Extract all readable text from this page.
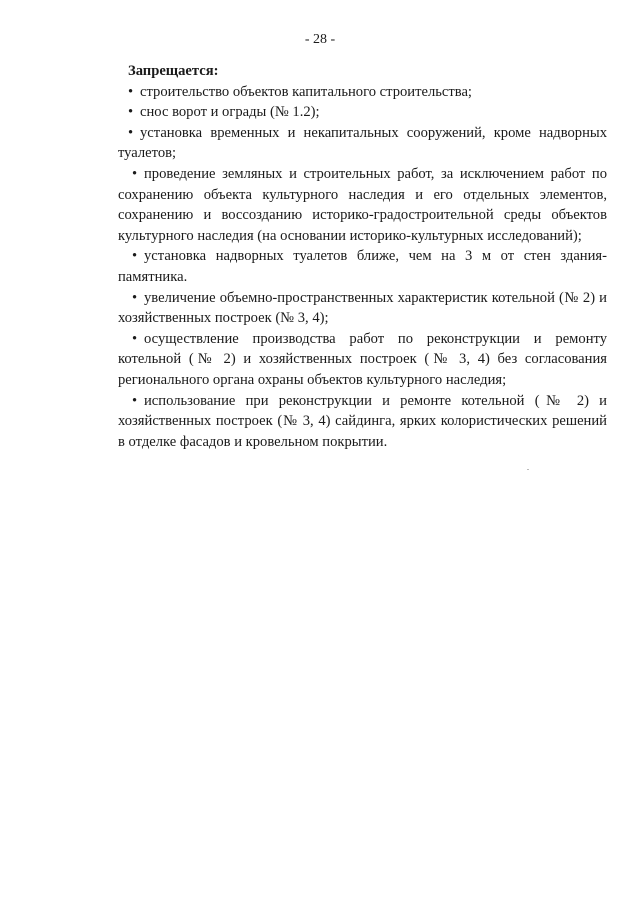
- 28 -

Запрещается:

• строительство объектов капитального строительства;

• снос ворот и ограды (№ 1.2);

• установка временных и некапитальных сооружений, кроме надворных туалетов;

• проведение земляных и строительных работ, за исключением работ по сохранению объекта культурного наследия и его отдельных элементов, сохранению и воссозданию историко-градостроительной среды объектов культурного наследия (на основании историко-культурных исследований);

• установка надворных туалетов ближе, чем на 3 м от стен здания-памятника.

• увеличение объемно-пространственных характеристик котельной (№ 2) и хозяйственных построек (№ 3, 4);

• осуществление производства работ по реконструкции и ремонту котельной (№ 2) и хозяйственных построек (№ 3, 4) без согласования регионального органа охраны объектов культурного наследия;

• использование при реконструкции и ремонте котельной (№ 2) и хозяйственных построек (№ 3, 4) сайдинга, ярких колористических решений в отделке фасадов и кровельном покрытии.
